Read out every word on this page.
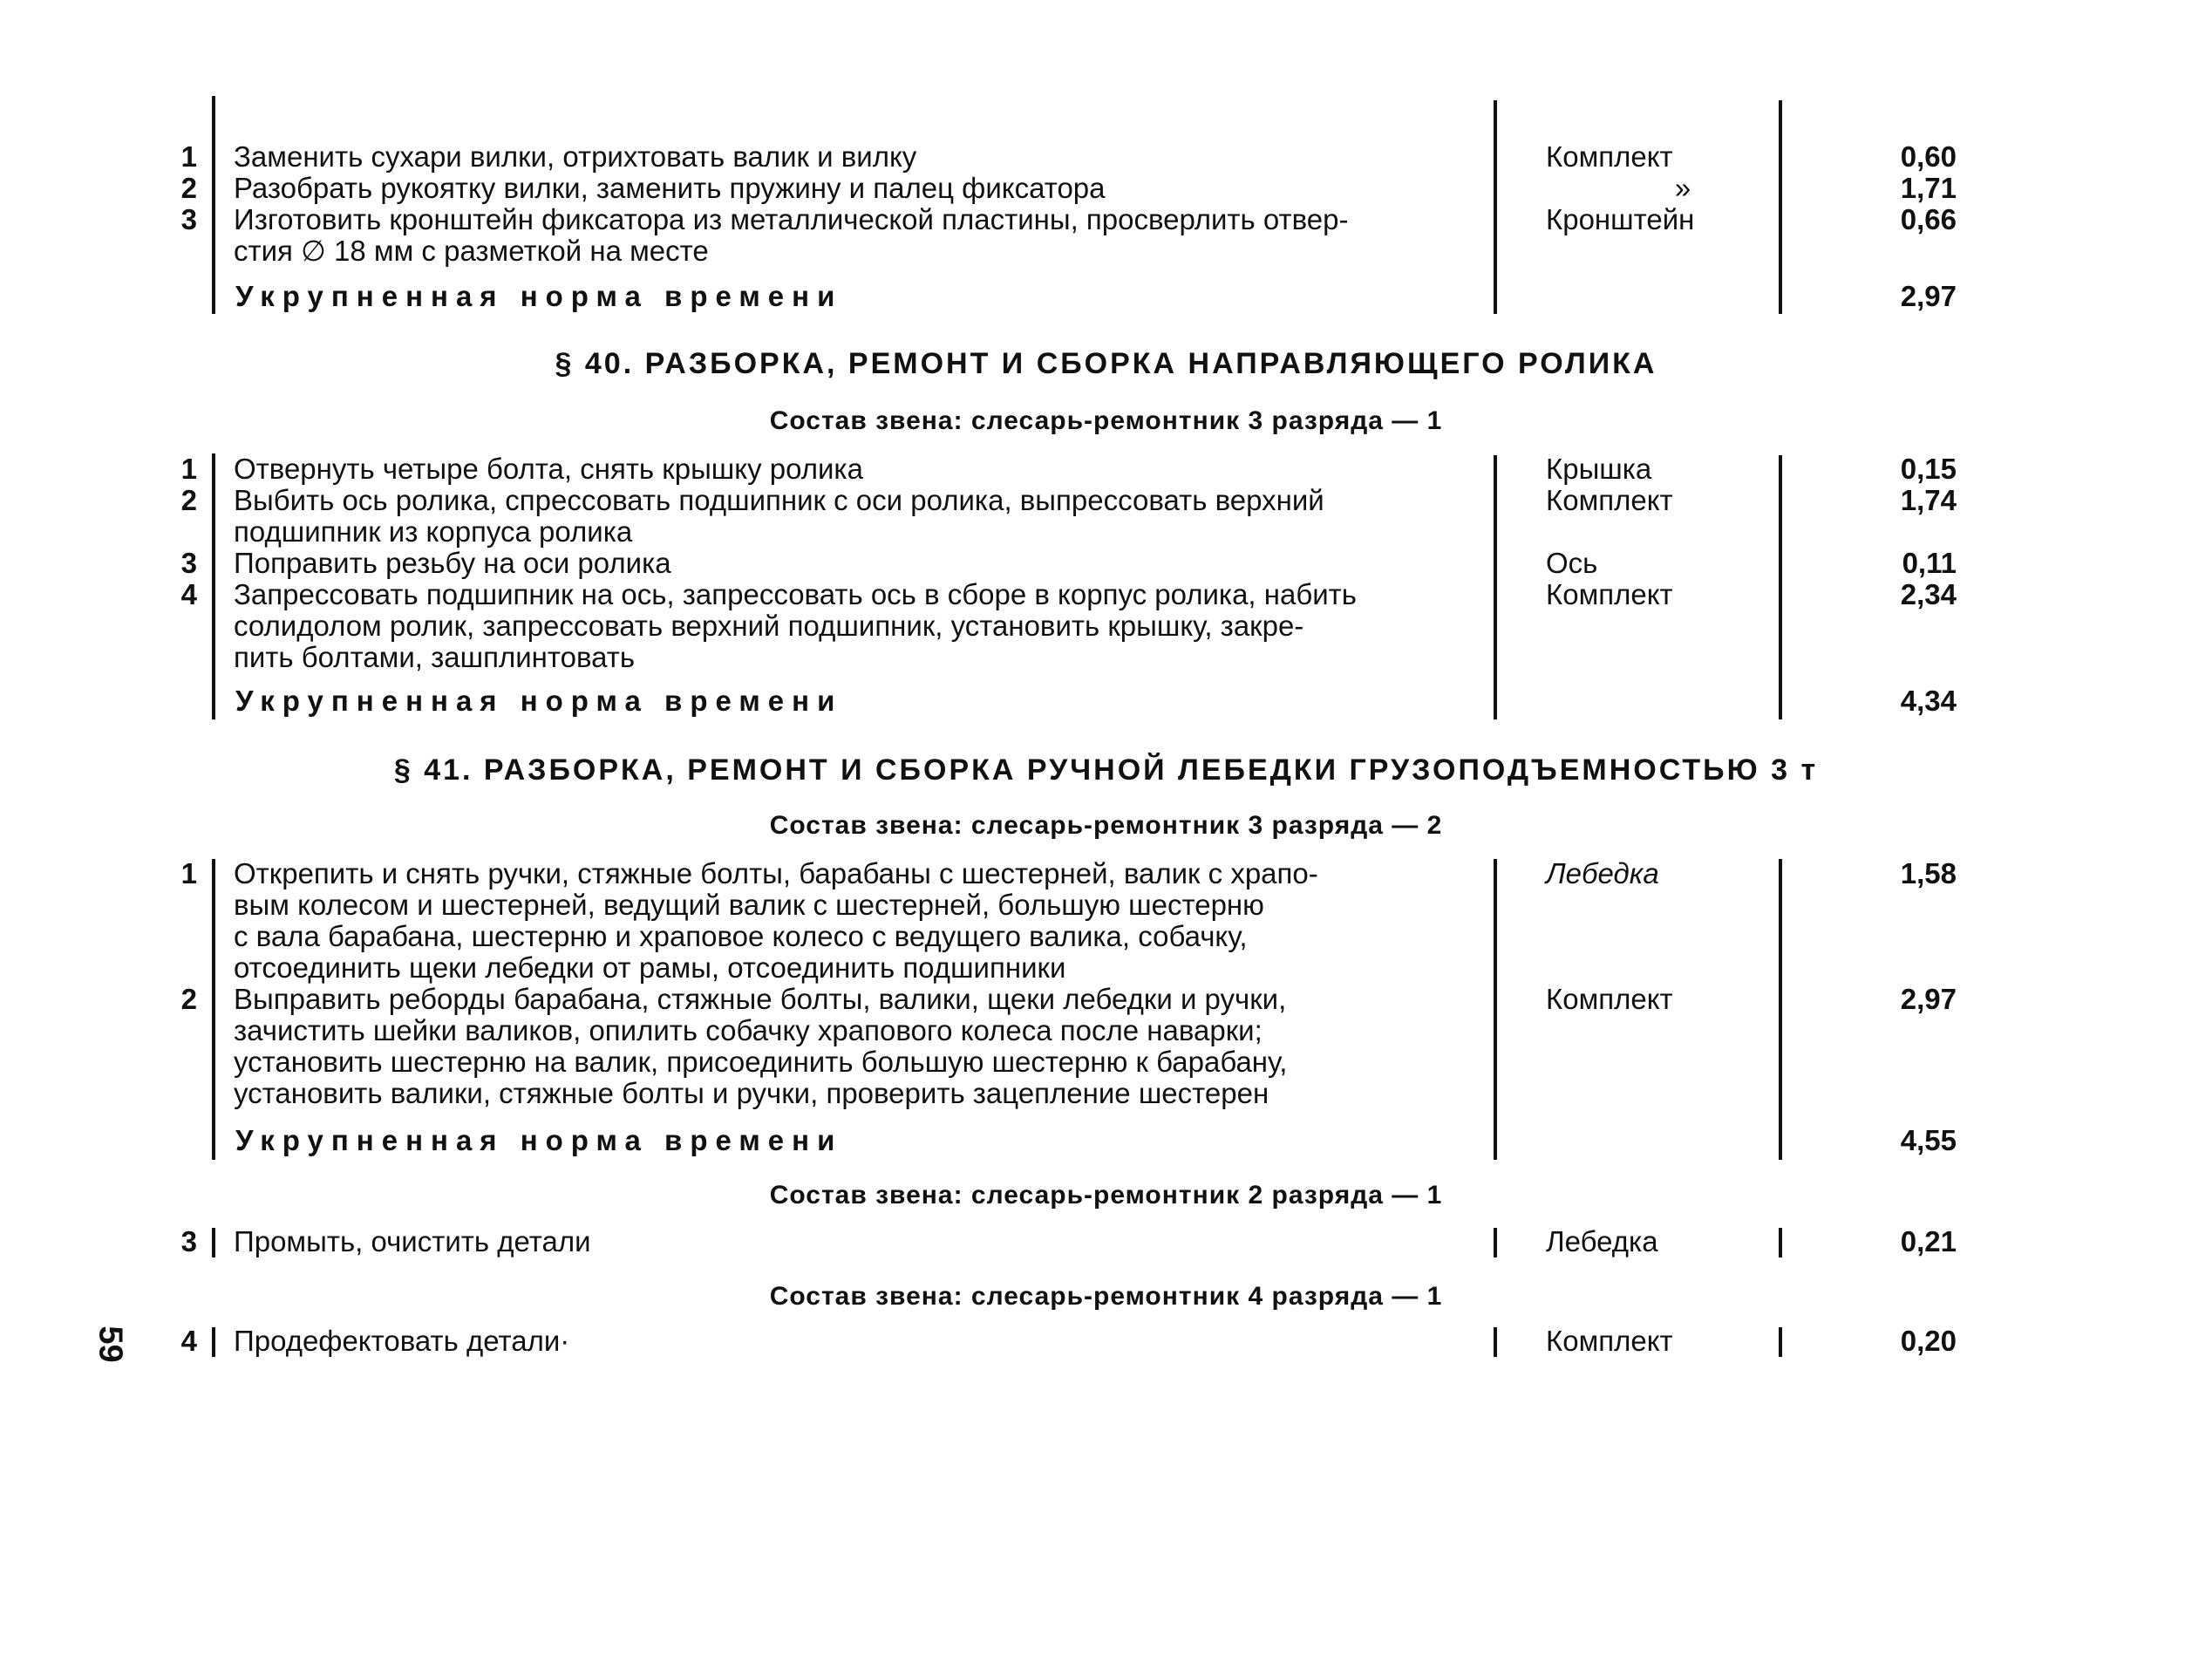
1 Заменить сухари вилки, отрихтовать валик и вилку	Комплект	0,60
2 Разобрать рукоятку вилки, заменить пружину и палец фиксатора	»	1,71
3 Изготовить кронштейн фиксатора из металлической пластины, просверлить отвер-
стия ∅ 18 мм с разметкой на месте
Кронштейн	0,66
Укрупненная норма времени	2,97
§ 40. РАЗБОРКА, РЕМОНТ И СБОРКА НАПРАВЛЯЮЩЕГО РОЛИКА
Состав звена: слесарь-ремонтник 3 разряда — 1
1 Отвернуть четыре болта, снять крышку ролика	Крышка	0,15
2 Выбить ось ролика, спрессовать подшипник с оси ролика, выпрессовать верхний
подшипник из корпуса ролика
Комплект	1,74
3 Поправить резьбу на оси ролика	Ось	0,11
4 Запрессовать подшипник на ось, запрессовать ось в сборе в корпус ролика, набить
солидолом ролик, запрессовать верхний подшипник, установить крышку, закре-
пить болтами, зашплинтовать
Комплект	2,34
Укрупненная норма времени	4,34
§ 41. РАЗБОРКА, РЕМОНТ И СБОРКА РУЧНОЙ ЛЕБЕДКИ ГРУЗОПОДЪЕМНОСТЬЮ 3 т
Состав звена: слесарь-ремонтник 3 разряда — 2
1 Открепить и снять ручки, стяжные болты, барабаны с шестерней, валик с храпо-
вым колесом и шестерней, ведущий валик с шестерней, большую шестерню
с вала барабана, шестерню и храповое колесо с ведущего валика, собачку,
отсоединить щеки лебедки от рамы, отсоединить подшипники
Лебедка	1,58
2 Выправить реборды барабана, стяжные болты, валики, щеки лебедки и ручки,
зачистить шейки валиков, опилить собачку храпового колеса после наварки;
установить шестерню на валик, присоединить большую шестерню к барабану,
установить валики, стяжные болты и ручки, проверить зацепление шестерен
Комплект	2,97
Укрупненная норма времени	4,55
Состав звена: слесарь-ремонтник 2 разряда — 1
3 Промыть, очистить детали	Лебедка	0,21
Состав звена: слесарь-ремонтник 4 разряда — 1
4 Продефектовать детали·	Комплект	0,20
59
